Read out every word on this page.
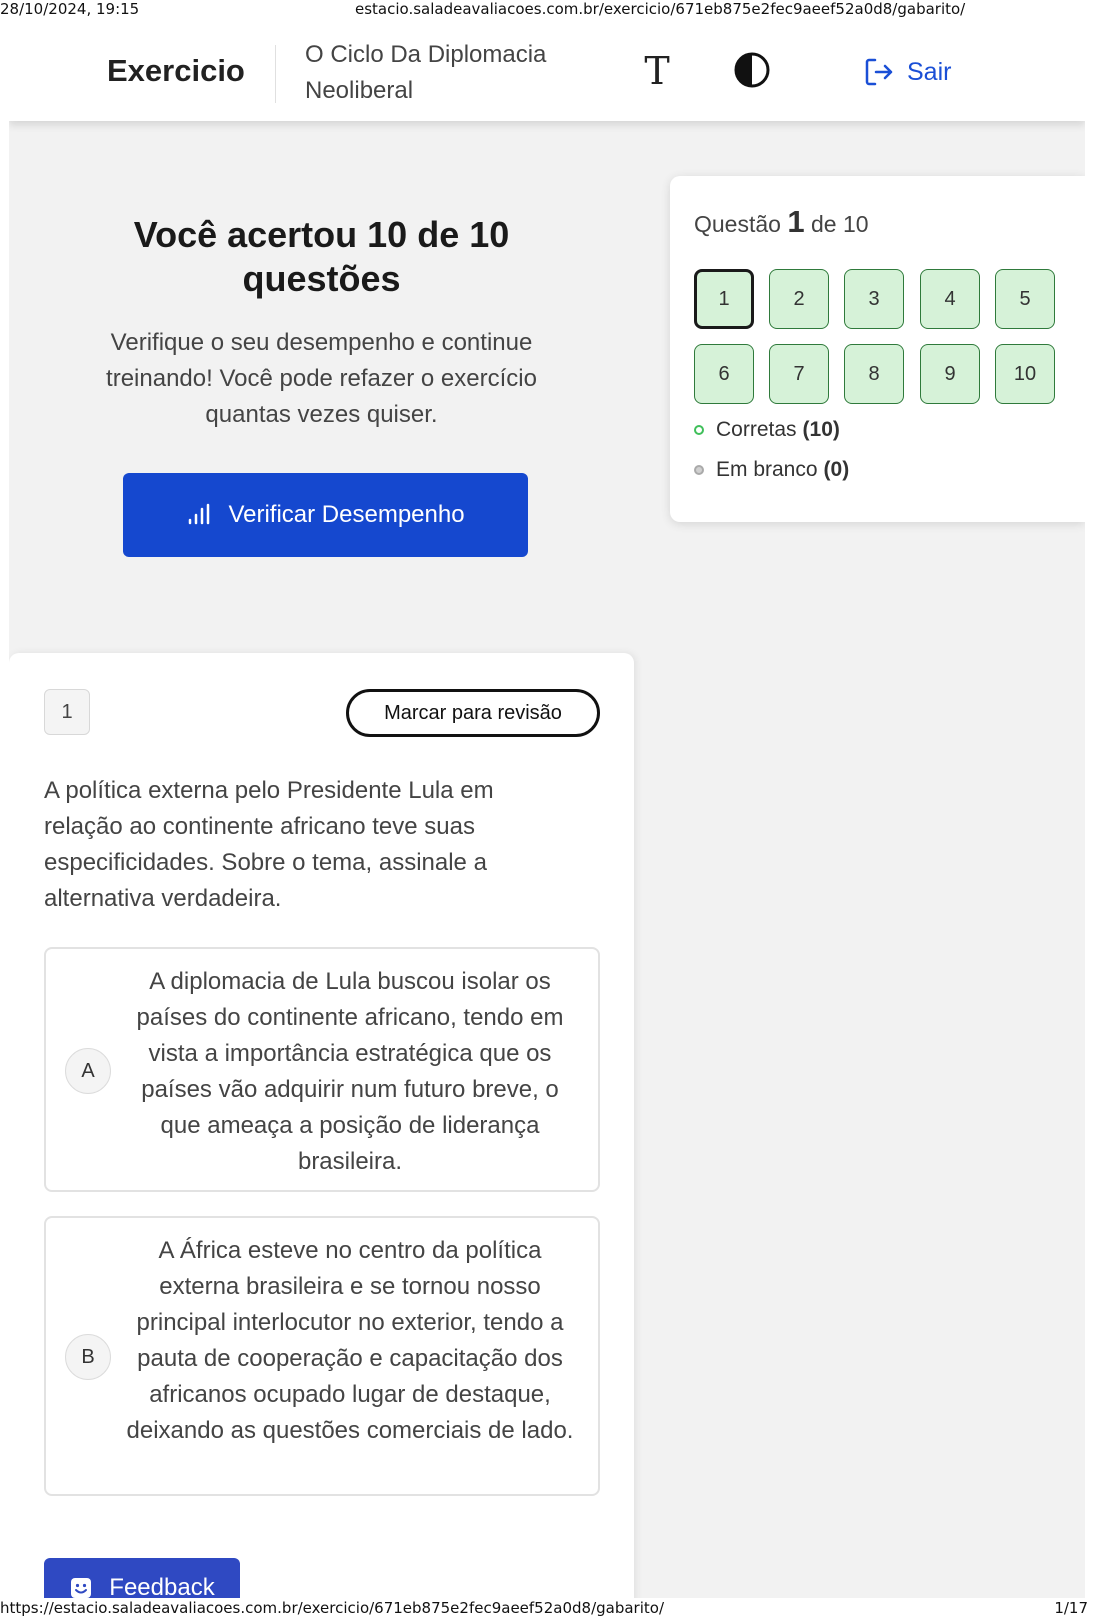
28/10/2024, 19:15	estacio.saladeavaliacoes.com.br/exercicio/671eb875e2fec9aeef52a0d8/gabarito/
Exercicio	O Ciclo Da Diplomacia Neoliberal	T	Sair
Você acertou 10 de 10 questões
Verifique o seu desempenho e continue treinando! Você pode refazer o exercício quantas vezes quiser.
Verificar Desempenho
Questão 1 de 10
1	2	3	4	5
6	7	8	9	10
Corretas (10)
Em branco (0)
1	Marcar para revisão
A política externa pelo Presidente Lula em relação ao continente africano teve suas especificidades. Sobre o tema, assinale a alternativa verdadeira.
A
A diplomacia de Lula buscou isolar os países do continente africano, tendo em vista a importância estratégica que os países vão adquirir num futuro breve, o que ameaça a posição de liderança brasileira.
B
A África esteve no centro da política externa brasileira e se tornou nosso principal interlocutor no exterior, tendo a pauta de cooperação e capacitação dos africanos ocupado lugar de destaque, deixando as questões comerciais de lado.
Feedback
https://estacio.saladeavaliacoes.com.br/exercicio/671eb875e2fec9aeef52a0d8/gabarito/	1/17
